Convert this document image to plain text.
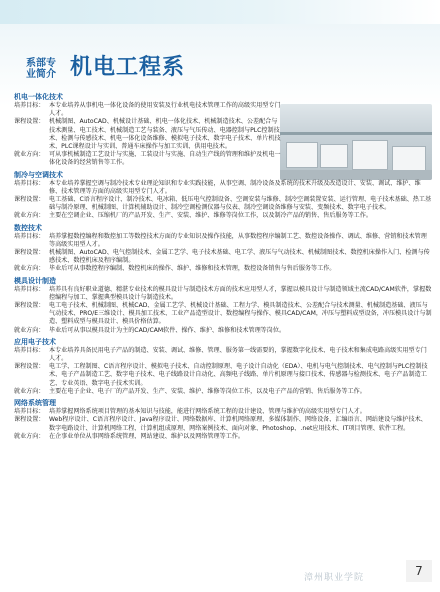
系部专
业简介 机电工程系
机电一体化技术
培养目标： 本专业培养从事机电一体化设备的使用安装及行业机电技术管理工作的高级实用型专门人才。
课程设置： 机械制图、AutoCAD、机械设计基础、机电一体化技术、机械制造技术、公差配合与技术测量、电工技术、机械制造工艺与装备、液压与气压传动、电器控制与PLC控制技术、检测与传感技术、机电一体化设备维修、模拟电子技术、数字电子技术、单片机技术、PLC课程设计与实训、普通车床操作与加工实训、供用电技术。
就业方向： 可从事机械制造工艺设计与实施、工装设计与实施、自动生产线的管理和维护及机电一体化设备的经营销售等工作。
制冷与空调技术
培养目标： 本专业培养掌握空调与制冷技术专业理论知识和专业实践技能，从事空调、制冷设备及系统的技术升级及改造设计、安装、调试、维护、维修、技术管理等方面的高级实用型专门人才。
课程设置： 电工基础、C语言程序设计、制冷技术、电冰箱、低压电气控制设备、空调安装与维修、制冷空调装置安装、运行管理、电子技术基础、热工基础与制冷原理、机械制图、计算机辅助设计、制冷空调检测仪器与仪表、制冷空调设备维修与安装、变频技术、数字电子技术。
就业方向： 主要在空调企业、压缩机厂的产品开发、生产、安装、维护、维修等岗位工作，以及制冷产品的销售、售后服务等工作。
数控技术
培养目标： 培养掌握数控编程和数控加工等数控技术方面的专业知识及操作技能，从事数控程序编制工艺、数控设备操作、调试、维修、营销和技术管理等高级实用型人才。
课程设置： 机械制图、AutoCAD、电气控制技术、金属工艺学、电子技术基础、电工学、液压与气动技术、机械制图技术、数控机床操作入门、检测与传感技术、数控机床及程序编制。
就业方向： 毕业后可从事数控程序编制、数控机床的操作、维护、维修和技术管理，数控设备销售与售后服务等工作。
模具设计制造
培养目标： 培养具有良好职业道德、精湛专业技术的模具设计与制造技术方面的技术应用型人才，掌握以模具设计与制造领域主流CAD/CAM软件，掌握数控编程与加工、掌握典型模具设计与制造技术。
课程设置： 电工电子技术、机械制图、机械CAD、金属工艺学、机械设计基础、工程力学、模具制造技术、公差配合与技术测量、机械制造基础、液压与气动技术、PRO/E三维设计、模具加工技术、工业产品造型设计、数控编程与操作、模具CAD/CAM，冲压与塑料成型设备，冲压模具设计与制造、塑料成型与模具设计、模具价格估算。
就业方向： 毕业后可从事以模具设计为主的CAD/CAM软件、操作、维护、维修和技术管理等岗位。
应用电子技术
培养目标： 本专业培养具备民用电子产品的制造、安装、调试、维修、管理、服务第一线需要的，掌握数字化技术、电子技术和集成电路高级实用型专门人才。
课程设置： 电工学、工程制图、C语言程序设计、模拟电子技术、自动控制原理、电子设计自动化（EDA）、电机与电气控制技术、电气控制与PLC控制技术、电子产品制造工艺、数字电子技术、电子线路设计自动化、高频电子线路、单片机原理与接口技术、传感器与检测技术、电子产品制造工艺、专业英语、数字电子技术实训。
就业方向： 主要在电子企业、电子厂的产品开发、生产、安装、维护、维修等岗位工作，以及电子产品的营销、售后服务等工作。
网络系统管理
培养目标： 培养掌握网络系统项目管理的基本知识与技能，能进行网络系统工程的设计建设、管理与维护的高级实用型专门人才。
课程设置： Web程序设计、C语言程序设计、Java程序设计、网络数据库、计算机网络原理、多媒体制作、网络设备、汇编语言、网站建设与维护技术、数字电路设计、计算机网络工程、计算机组成原理、网络案例技术、面向对象、Photoshop、.net应用技术、IT项目管理、软件工程。
就业方向： 在企事业单位从事网络系统管理、网站建设、维护以及网络管理等工作。
漳州职业学院	7
